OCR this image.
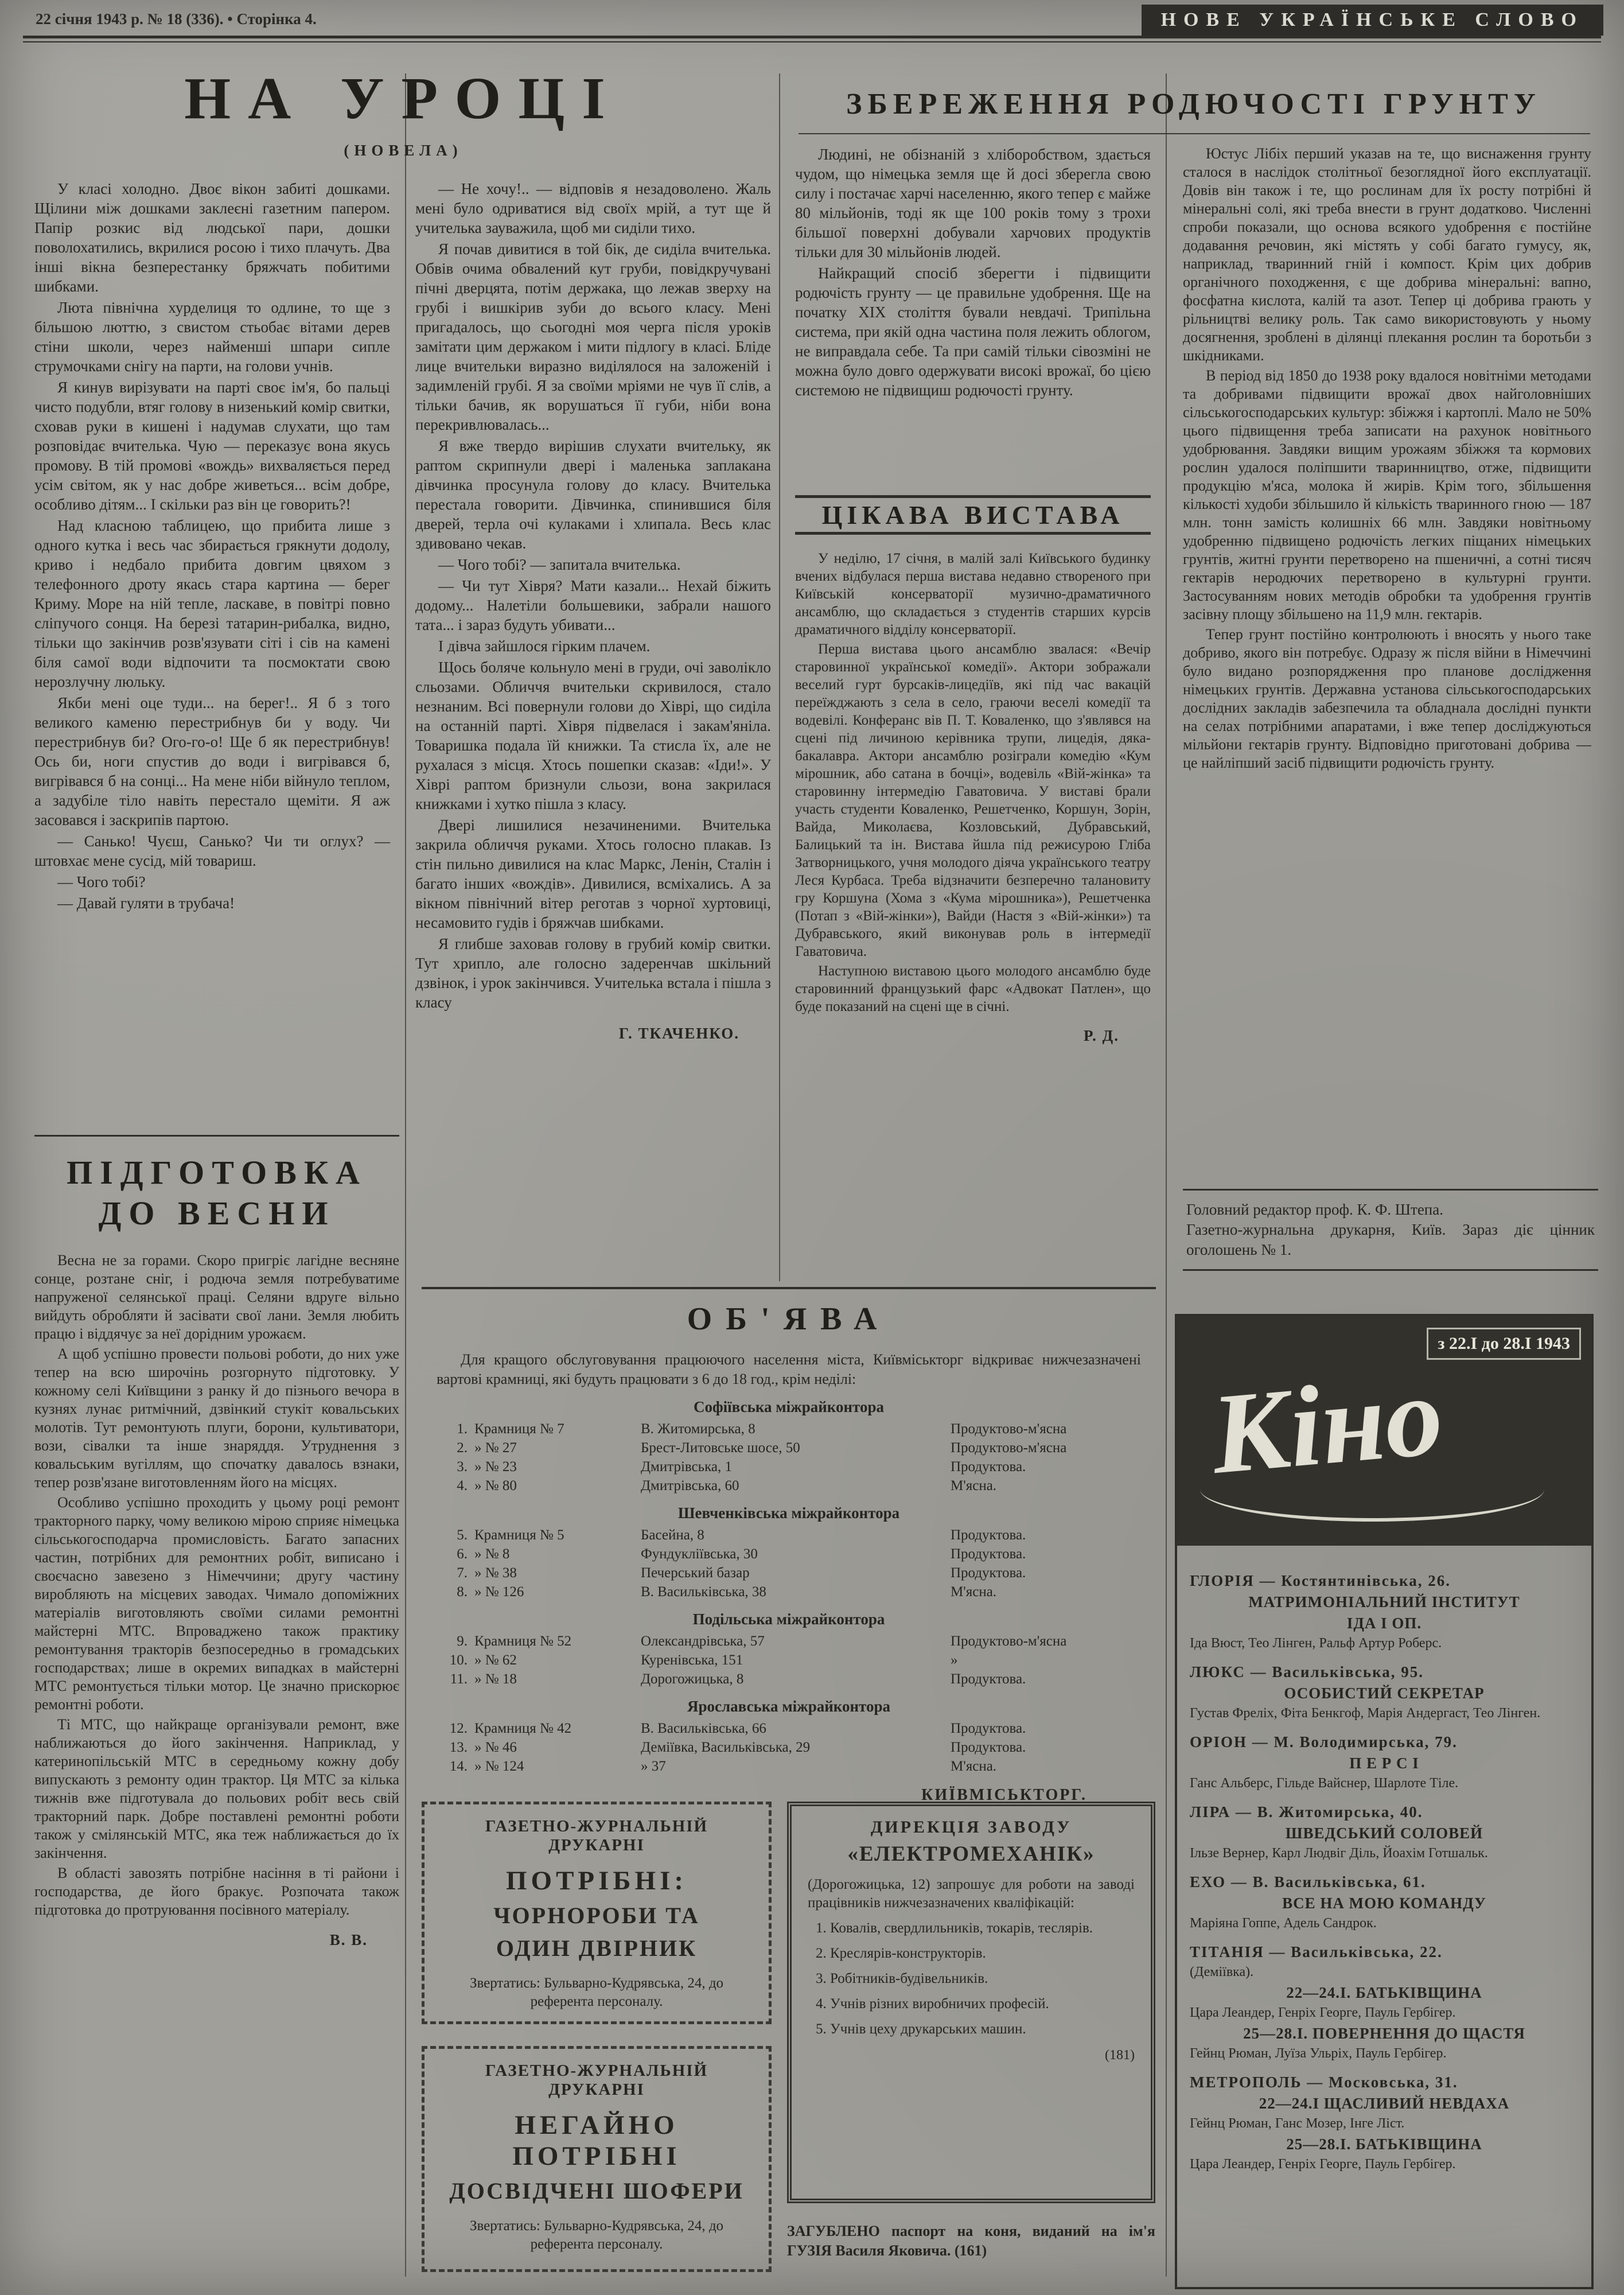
22 січня 1943 р. № 18 (336). • Сторінка 4.	НОВЕ УКРАЇНСЬКЕ СЛОВО
НА УРОЦІ
(НОВЕЛА)

У класі холодно. Двоє вікон забиті дошками. Щілини між дошками заклеєні газетним папером. Папір розкис від людської пари, дошки поволохатились, вкрилися росою і тихо плачуть. Два інші вікна безперестанку бряжчать побитими шибками.

Люта північна хурделиця то одлине, то ще з більшою люттю, з свистом стьобає вітами дерев стіни школи, через найменші шпари сипле струмочками снігу на парти, на голови учнів.

Я кинув вирізувати на парті своє ім'я, бо пальці чисто подубли, втяг голову в низенький комір свитки, сховав руки в кишені і надумав слухати, що там розповідає вчителька. Чую — переказує вона якусь промову. В тій промові «вождь» вихваляється перед усім світом, як у нас добре живеться... всім добре, особливо дітям... І скільки раз він це говорить?!

Над класною таблицею, що прибита лише з одного кутка і весь час збирається грякнути додолу, криво і недбало прибита довгим цвяхом з телефонного дроту якась стара картина — берег Криму. Море на ній тепле, ласкаве, в повітрі повно сліпучого сонця. На березі татарин-рибалка, видно, тільки що закінчив розв'язувати сіті і сів на камені біля самої води відпочити та посмоктати свою нерозлучну люльку.

Якби мені оце туди... на берег!.. Я б з того великого каменю перестрибнув би у воду. Чи перестрибнув би? Ого-го-о! Ще б як перестрибнув! Ось би, ноги спустив до води і вигрівався б, вигрівався б на сонці... На мене ніби війнуло теплом, а задубіле тіло навіть перестало щеміти. Я аж засовався і заскрипів партою.

— Санько! Чуєш, Санько? Чи ти оглух? — штовхає мене сусід, мій товариш.

— Чого тобі?

— Давай гуляти в трубача!

— Не хочу!.. — відповів я незадоволено. Жаль мені було одриватися від своїх мрій, а тут ще й учителька зауважила, щоб ми сиділи тихо.

Я почав дивитися в той бік, де сиділа вчителька. Обвів очима обвалений кут груби, повідкручувані пічні дверцята, потім держака, що лежав зверху на грубі і вишкірив зуби до всього класу. Мені пригадалось, що сьогодні моя черга після уроків замітати цим держаком і мити підлогу в класі. Бліде лице вчительки виразно виділялося на заложеній і задимленій грубі. Я за своїми мріями не чув її слів, а тільки бачив, як ворушаться її губи, ніби вона перекривлювалась...

Я вже твердо вирішив слухати вчительку, як раптом скрипнули двері і маленька заплакана дівчинка просунула голову до класу. Вчителька перестала говорити. Дівчинка, спинившися біля дверей, терла очі кулаками і хлипала. Весь клас здивовано чекав.

— Чого тобі? — запитала вчителька.

— Чи тут Хівря? Мати казали... Нехай біжить додому... Налетіли большевики, забрали нашого тата... і зараз будуть убивати...

І дівча зайшлося гірким плачем.

Щось боляче кольнуло мені в груди, очі заволікло сльозами. Обличчя вчительки скривилося, стало незнаним. Всі повернули голови до Хіврі, що сиділа на останній парті. Хівря підвелася і закам'яніла. Товаришка подала їй книжки. Та стисла їх, але не рухалася з місця. Хтось пошепки сказав: «Іди!». У Хіврі раптом бризнули сльози, вона закрилася книжками і хутко пішла з класу.

Двері лишилися незачиненими. Вчителька закрила обличчя руками. Хтось голосно плакав. Із стін пильно дивилися на клас Маркс, Ленін, Сталін і багато інших «вождів». Дивилися, всміхались. А за вікном північний вітер реготав з чорної хуртовиці, несамовито гудів і бряжчав шибками.

Я глибше заховав голову в грубий комір свитки. Тут хрипло, але голосно задеренчав шкільний дзвінок, і урок закінчився. Учителька встала і пішла з класу

Г. ТКАЧЕНКО.
ПІДГОТОВКА
ДО ВЕСНИ

Весна не за горами. Скоро пригріє лагідне весняне сонце, розтане сніг, і родюча земля потребуватиме напруженої селянської праці. Селяни вдруге вільно вийдуть обробляти й засівати свої лани. Земля любить працю і віддячує за неї дорідним урожаєм.

А щоб успішно провести польові роботи, до них уже тепер на всю широчінь розгорнуто підготовку. У кожному селі Київщини з ранку й до пізнього вечора в кузнях лунає ритмічний, дзвінкий стукіт ковальських молотів. Тут ремонтують плуги, борони, культиватори, вози, сівалки та інше знаряддя. Утруднення з ковальським вугіллям, що спочатку давалось взнаки, тепер розв'язане виготовленням його на місцях.

Особливо успішно проходить у цьому році ремонт тракторного парку, чому великою мірою сприяє німецька сільськогосподарча промисловість. Багато запасних частин, потрібних для ремонтних робіт, виписано і своєчасно завезено з Німеччини; другу частину виробляють на місцевих заводах. Чимало допоміжних матеріалів виготовляють своїми силами ремонтні майстерні МТС. Впроваджено також практику ремонтування тракторів безпосередньо в громадських господарствах; лише в окремих випадках в майстерні МТС ремонтується тільки мотор. Це значно прискорює ремонтні роботи.

Ті МТС, що найкраще організували ремонт, вже наближаються до його закінчення. Наприклад, у катеринопільській МТС в середньому кожну добу випускають з ремонту один трактор. Ця МТС за кілька тижнів вже підготувала до польових робіт весь свій тракторний парк. Добре поставлені ремонтні роботи також у смілянській МТС, яка теж наближається до їх закінчення.

В області завозять потрібне насіння в ті райони і господарства, де його бракує. Розпочата також підготовка до протруювання посівного матеріалу.

В. В.
ЗБЕРЕЖЕННЯ РОДЮЧОСТІ ГРУНТУ

Людині, не обізнаній з хліборобством, здається чудом, що німецька земля ще й досі зберегла свою силу і постачає харчі населенню, якого тепер є майже 80 мільйонів, тоді як ще 100 років тому з трохи більшої поверхні добували харчових продуктів тільки для 30 мільйонів людей.

Найкращий спосіб зберегти і підвищити родючість грунту — це правильне удобрення. Ще на початку XIX століття бували невдачі. Трипільна система, при якій одна частина поля лежить облогом, не виправдала себе. Та при самій тільки сівозміні не можна було довго одержувати високі врожаї, бо цією системою не підвищиш родючості грунту.

Юстус Лібіх перший указав на те, що виснаження грунту сталося в наслідок столітньої безоглядної його експлуатації. Довів він також і те, що рослинам для їх росту потрібні й мінеральні солі, які треба внести в грунт додатково. Численні спроби показали, що основа всякого удобрення є постійне додавання речовин, які містять у собі багато гумусу, як, наприклад, тваринний гній і компост. Крім цих добрив органічного походження, є ще добрива мінеральні: вапно, фосфатна кислота, калій та азот. Тепер ці добрива грають у рільництві велику роль. Так само використовують у ньому досягнення, зроблені в ділянці плекання рослин та боротьби з шкідниками.

В період від 1850 до 1938 року вдалося новітніми методами та добривами підвищити врожаї двох найголовніших сільськогосподарських культур: збіжжя і картоплі. Мало не 50% цього підвищення треба записати на рахунок новітнього удобрювання. Завдяки вищим урожаям збіжжя та кормових рослин удалося поліпшити тваринництво, отже, підвищити продукцію м'яса, молока й жирів. Крім того, збільшення кількості худоби збільшило й кількість тваринного гною — 187 млн. тонн замість колишніх 66 млн. Завдяки новітньому удобренню підвищено родючість легких піщаних німецьких грунтів, житні грунти перетворено на пшеничні, а сотні тисяч гектарів неродючих перетворено в культурні грунти. Застосуванням нових методів обробки та удобрення грунтів засівну площу збільшено на 11,9 млн. гектарів.

Тепер грунт постійно контролюють і вносять у нього таке добриво, якого він потребує. Одразу ж після війни в Німеччині було видано розпорядження про планове дослідження німецьких грунтів. Державна установа сільськогосподарських дослідних закладів забезпечила та обладнала дослідні пункти на селах потрібними апаратами, і вже тепер досліджуються мільйони гектарів грунту. Відповідно приготовані добрива — це найліпший засіб підвищити родючість грунту.

ЦІКАВА ВИСТАВА

У неділю, 17 січня, в малій залі Київського будинку вчених відбулася перша вистава недавно створеного при Київській консерваторії музично-драматичного ансамблю, що складається з студентів старших курсів драматичного відділу консерваторії.

Перша вистава цього ансамблю звалася: «Вечір старовинної української комедії». Актори зображали веселий гурт бурсаків-лицедіїв, які під час вакацій переїжджають з села в село, граючи веселі комедії та водевілі. Конферанс вів П. Т. Коваленко, що з'являвся на сцені під личиною керівника трупи, лицедія, дяка-бакалавра. Актори ансамблю розіграли комедію «Кум мірошник, або сатана в бочці», водевіль «Вій-жінка» та старовинну інтермедію Гаватовича. У виставі брали участь студенти Коваленко, Решетченко, Коршун, Зорін, Вайда, Миколаєва, Козловський, Дубравський, Балицький та ін. Вистава йшла під режисурою Гліба Затворницького, учня молодого діяча українського театру Леся Курбаса. Треба відзначити безперечно талановиту гру Коршуна (Хома з «Кума мірошника»), Решетченка (Потап з «Вій-жінки»), Вайди (Настя з «Вій-жінки») та Дубравського, який виконував роль в інтермедії Гаватовича.

Наступною виставою цього молодого ансамблю буде старовинний французький фарс «Адвокат Патлен», що буде показаний на сцені ще в січні.

Р. Д.

Головний редактор проф. К. Ф. Штепа.

Газетно-журнальна друкарня, Київ. Зараз діє цінник оголошень № 1.

ОБ'ЯВА

Для кращого обслуговування працюючого населення міста, Київміськторг відкриває нижчезазначені вартові крамниці, які будуть працювати з 6 до 18 год., крім неділі:

Софіївська міжрайконтора
1. Крамниця № 7	В. Житомирська, 8	Продуктово-м'ясна
2. » № 27	Брест-Литовське шосе, 50	Продуктово-м'ясна
3. » № 23	Дмитрівська, 1	Продуктова.
4. » № 80	Дмитрівська, 60	М'ясна.
Шевченківська міжрайконтора
5. Крамниця № 5	Басейна, 8	Продуктова.
6. » № 8	Фундукліївська, 30	Продуктова.
7. » № 38	Печерський базар	Продуктова.
8. » № 126	В. Васильківська, 38	М'ясна.
Подільська міжрайконтора
9. Крамниця № 52	Олександрівська, 57	Продуктово-м'ясна
10. » № 62	Куренівська, 151	»
11. » № 18	Дорогожицька, 8	Продуктова.
Ярославська міжрайконтора
12. Крамниця № 42	В. Васильківська, 66	Продуктова.
13. » № 46	Деміївка, Васильківська, 29	Продуктова.
14. » № 124	» 37	М'ясна.
КИЇВМІСЬКТОРГ.
ГАЗЕТНО-ЖУРНАЛЬНІЙ ДРУКАРНІ
ПОТРІБНІ:
ЧОРНОРОБИ ТА
ОДИН ДВІРНИК
Звертатись: Бульварно-Кудрявська, 24, до референта персоналу.
ГАЗЕТНО-ЖУРНАЛЬНІЙ ДРУКАРНІ
НЕГАЙНО ПОТРІБНІ
ДОСВІДЧЕНІ ШОФЕРИ
Звертатись: Бульварно-Кудрявська, 24, до референта персоналу.
ДИРЕКЦІЯ ЗАВОДУ
«ЕЛЕКТРОМЕХАНІК»
(Дорогожицька, 12) запрошує для роботи на заводі працівників нижчезазначених кваліфікацій:

1. Ковалів, свердлильників, токарів, теслярів.

2. Креслярів-конструкторів.

3. Робітників-будівельників.

4. Учнів різних виробничих професій.

5. Учнів цеху друкарських машин.

(181)

ЗАГУБЛЕНО паспорт на коня, виданий на ім'я ГУЗІЯ Василя Яковича. (161)

з 22.І до 28.І 1943
Кіно
ГЛОРІЯ — Костянтинівська, 26.
МАТРИМОНІАЛЬНИЙ ІНСТИТУТ
ІДА І ОП.
Іда Вюст, Тео Лінген, Ральф Артур Роберс.
ЛЮКС — Васильківська, 95.
ОСОБИСТИЙ СЕКРЕТАР
Густав Фреліх, Фіта Бенкгоф, Марія Андергаст, Тео Лінген.
ОРІОН — М. Володимирська, 79.
П Е Р С І
Ганс Альберс, Гільде Вайснер, Шарлоте Тіле.
ЛІРА — В. Житомирська, 40.
ШВЕДСЬКИЙ СОЛОВЕЙ
Ільзе Вернер, Карл Людвіг Діль, Йоахім Готшальк.
ЕХО — В. Васильківська, 61.
ВСЕ НА МОЮ КОМАНДУ
Маріяна Гоппе, Адель Сандрок.
ТІТАНІЯ — Васильківська, 22.
(Деміївка).
22—24.І. БАТЬКІВЩИНА
Цара Леандер, Генріх Георге, Пауль Гербігер.
25—28.І. ПОВЕРНЕННЯ ДО ЩАСТЯ
Гейнц Рюман, Луїза Ульріх, Пауль Гербігер.
МЕТРОПОЛЬ — Московська, 31.
22—24.І ЩАСЛИВИЙ НЕВДАХА
Гейнц Рюман, Ганс Мозер, Інге Ліст.
25—28.І. БАТЬКІВЩИНА
Цара Леандер, Генріх Георге, Пауль Гербігер.
